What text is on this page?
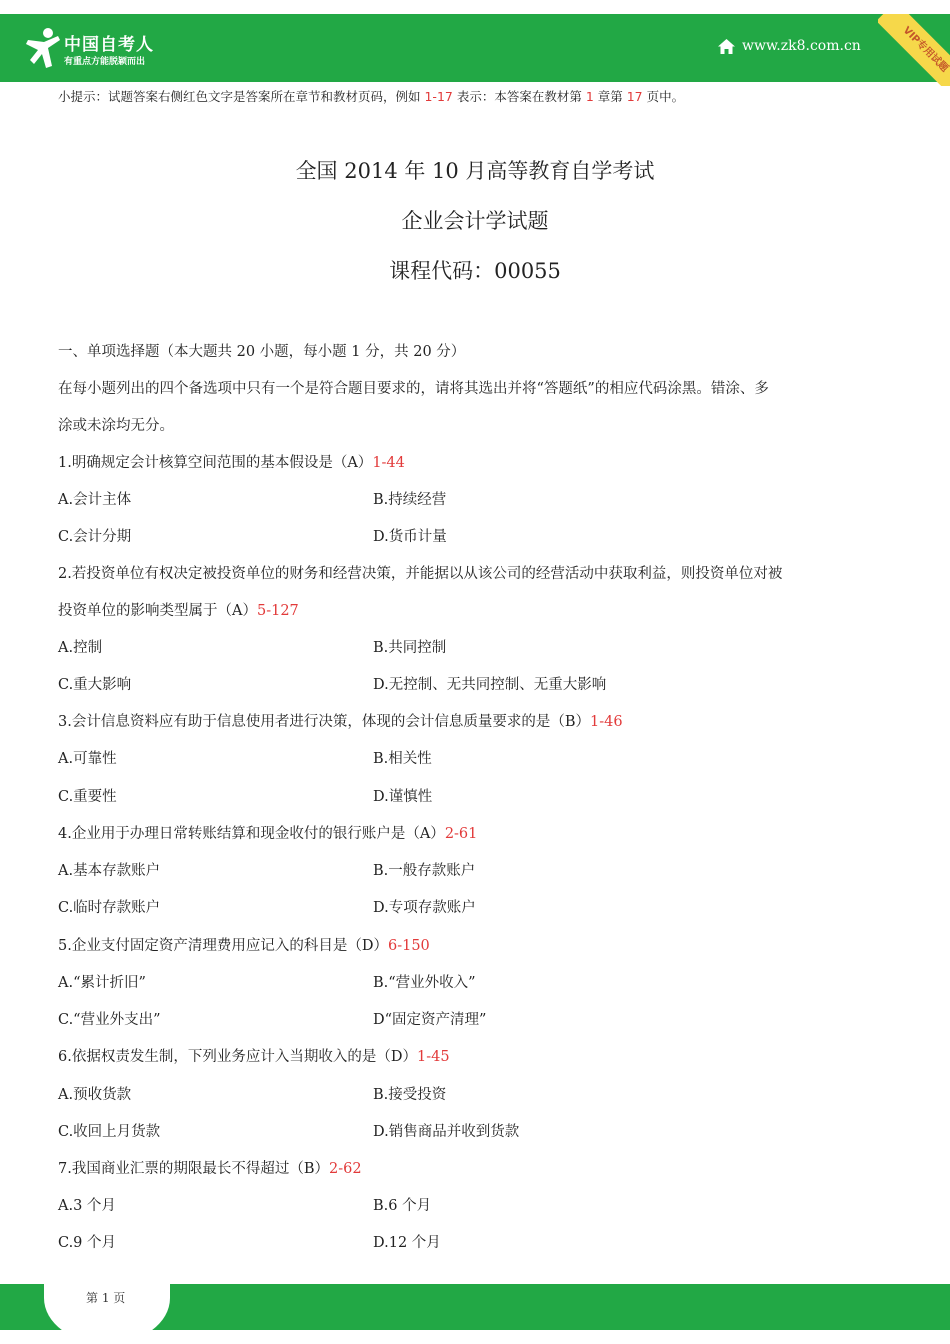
中国自考人
有重点方能脱颖而出
www.zk8.com.cn	VIP专用试题
小提示：试题答案右侧红色文字是答案所在章节和教材页码，例如 1-17 表示：本答案在教材第 1 章第 17 页中。
全国 2014 年 10 月高等教育自学考试
企业会计学试题
课程代码：00055
一、单项选择题（本大题共 20 小题，每小题 1 分，共 20 分）
在每小题列出的四个备选项中只有一个是符合题目要求的，请将其选出并将“答题纸”的相应代码涂黑。错涂、多
涂或未涂均无分。
1.明确规定会计核算空间范围的基本假设是（A）1-44
A.会计主体	B.持续经营
C.会计分期	D.货币计量
2.若投资单位有权决定被投资单位的财务和经营决策，并能据以从该公司的经营活动中获取利益，则投资单位对被
投资单位的影响类型属于（A）5-127
A.控制	B.共同控制
C.重大影响	D.无控制、无共同控制、无重大影响
3.会计信息资料应有助于信息使用者进行决策，体现的会计信息质量要求的是（B）1-46
A.可靠性	B.相关性
C.重要性	D.谨慎性
4.企业用于办理日常转账结算和现金收付的银行账户是（A）2-61
A.基本存款账户	B.一般存款账户
C.临时存款账户	D.专项存款账户
5.企业支付固定资产清理费用应记入的科目是（D）6-150
A.“累计折旧”	B.“营业外收入”
C.“营业外支出”	D“固定资产清理”
6.依据权责发生制，下列业务应计入当期收入的是（D）1-45
A.预收货款	B.接受投资
C.收回上月货款	D.销售商品并收到货款
7.我国商业汇票的期限最长不得超过（B）2-62
A.3 个月	B.6 个月
C.9 个月	D.12 个月
第 1 页
